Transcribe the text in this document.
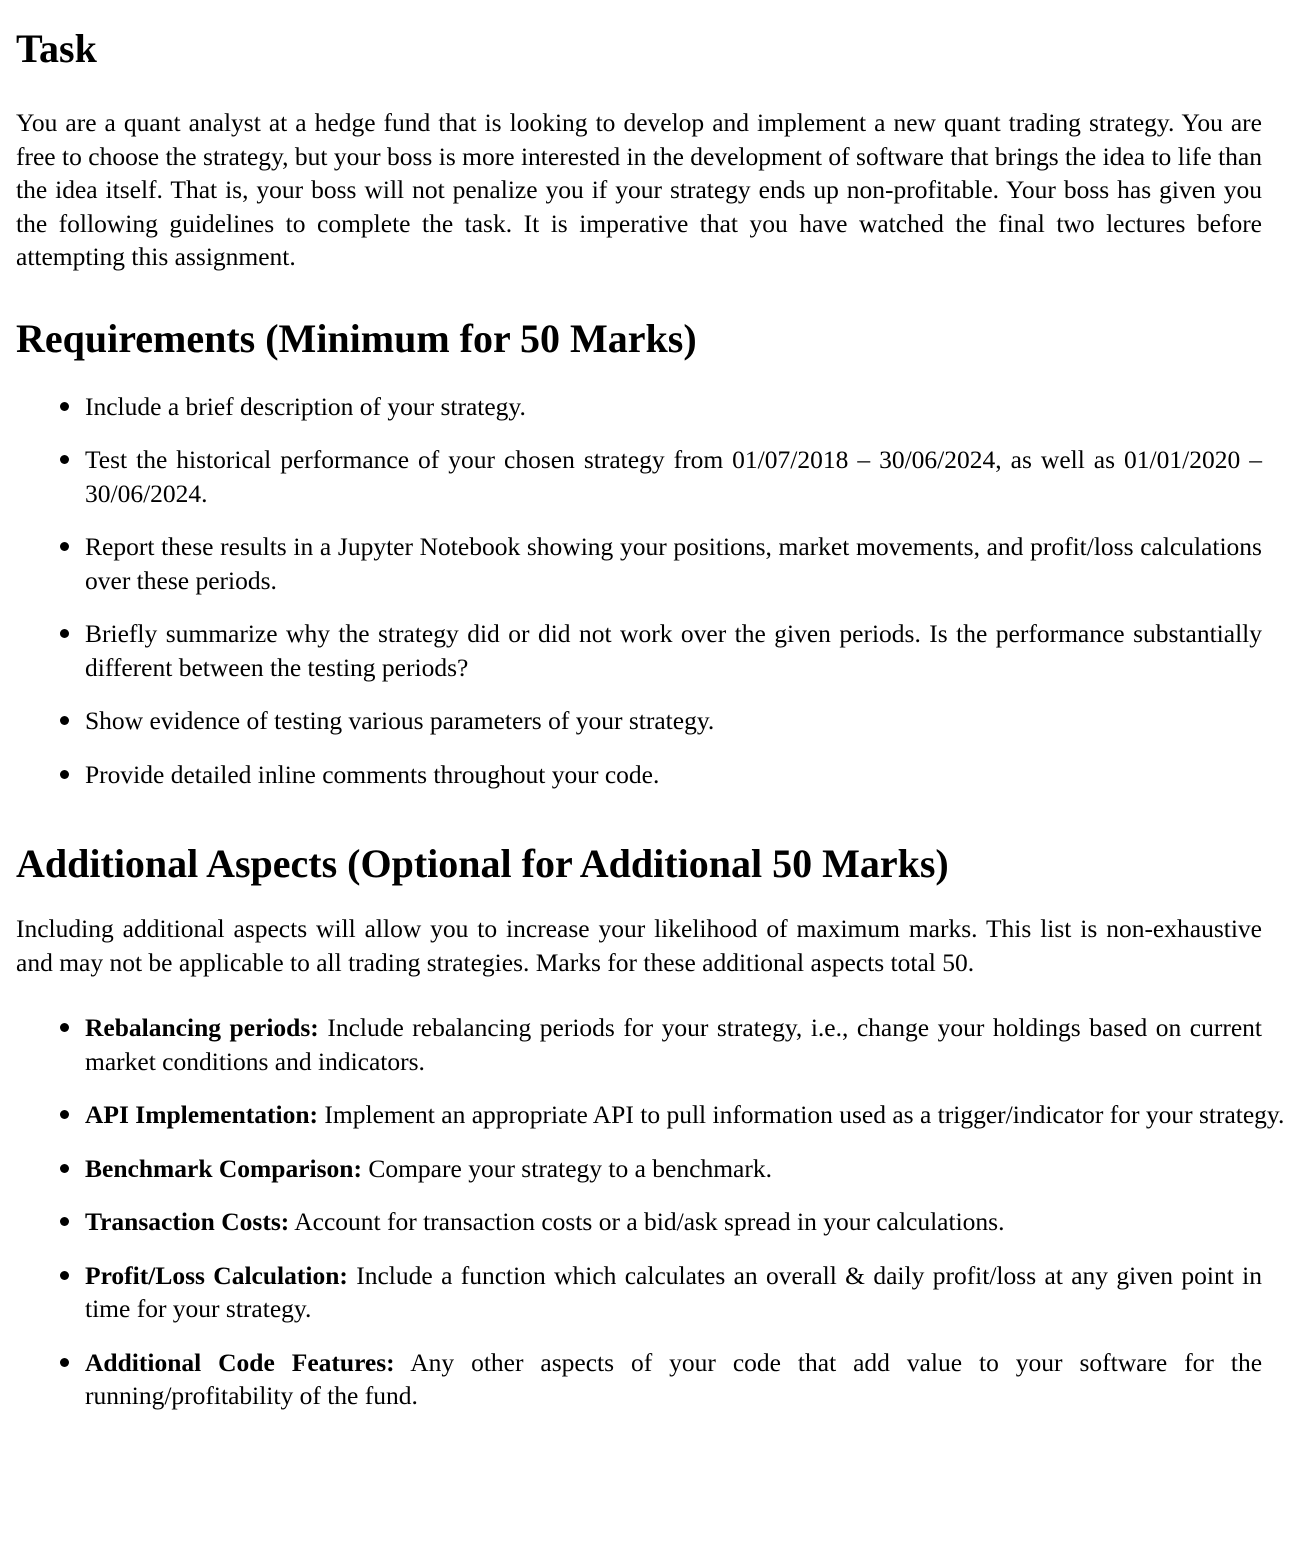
Task

You are a quant analyst at a hedge fund that is looking to develop and implement a new quant trading strategy. You are free to choose the strategy, but your boss is more interested in the development of software that brings the idea to life than the idea itself. That is, your boss will not penalize you if your strategy ends up non-profitable. Your boss has given you the following guidelines to complete the task. It is imperative that you have watched the final two lectures before attempting this assignment.

Requirements (Minimum for 50 Marks)
Include a brief description of your strategy.
Test the historical performance of your chosen strategy from 01/07/2018 – 30/06/2024, as well as 01/01/2020 – 30/06/2024.
Report these results in a Jupyter Notebook showing your positions, market movements, and profit/loss calculations over these periods.
Briefly summarize why the strategy did or did not work over the given periods. Is the performance substantially different between the testing periods?
Show evidence of testing various parameters of your strategy.
Provide detailed inline comments throughout your code.
Additional Aspects (Optional for Additional 50 Marks)

Including additional aspects will allow you to increase your likelihood of maximum marks. This list is non-exhaustive and may not be applicable to all trading strategies. Marks for these additional aspects total 50.

Rebalancing periods: Include rebalancing periods for your strategy, i.e., change your holdings based on current market conditions and indicators.
API Implementation: Implement an appropriate API to pull information used as a trigger/indicator for your strategy.
Benchmark Comparison: Compare your strategy to a benchmark.
Transaction Costs: Account for transaction costs or a bid/ask spread in your calculations.
Profit/Loss Calculation: Include a function which calculates an overall & daily profit/loss at any given point in time for your strategy.
Additional Code Features: Any other aspects of your code that add value to your software for the running/profitability of the fund.
